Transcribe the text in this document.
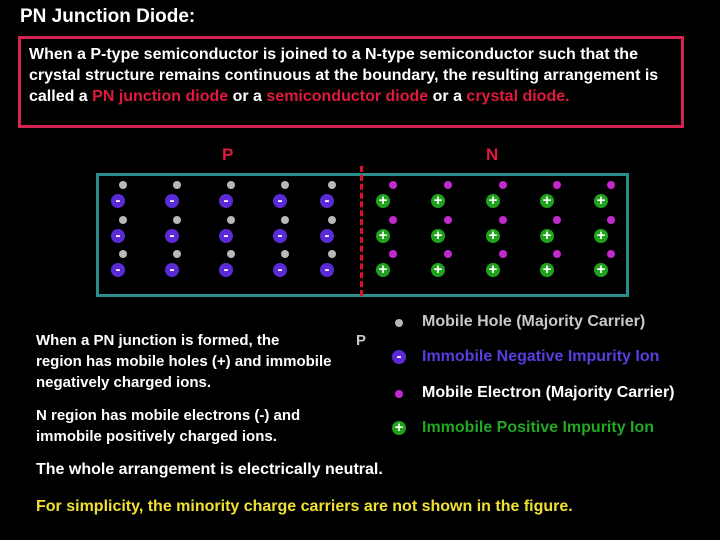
PN Junction Diode:
When a P-type semiconductor is joined to a N-type semiconductor such that the crystal structure remains continuous at the boundary, the resulting arrangement is called a PN junction diode or a semiconductor diode or a crystal diode.
P	N
-	+
-	+
-	+
-	+
-	+
-	+
-	+
-	+
-	+
-	+
-	+
-	+
-	+
-	+
-	+
When a PN junction is formed, the	P
region has mobile holes (+) and immobile negatively charged ions.
N region has mobile electrons (-) and immobile positively charged ions.
Mobile Hole (Majority Carrier)
- Immobile Negative Impurity Ion
Mobile Electron (Majority Carrier)
+ Immobile Positive Impurity Ion
The whole arrangement is electrically neutral.
For simplicity, the minority charge carriers are not shown in the figure.
